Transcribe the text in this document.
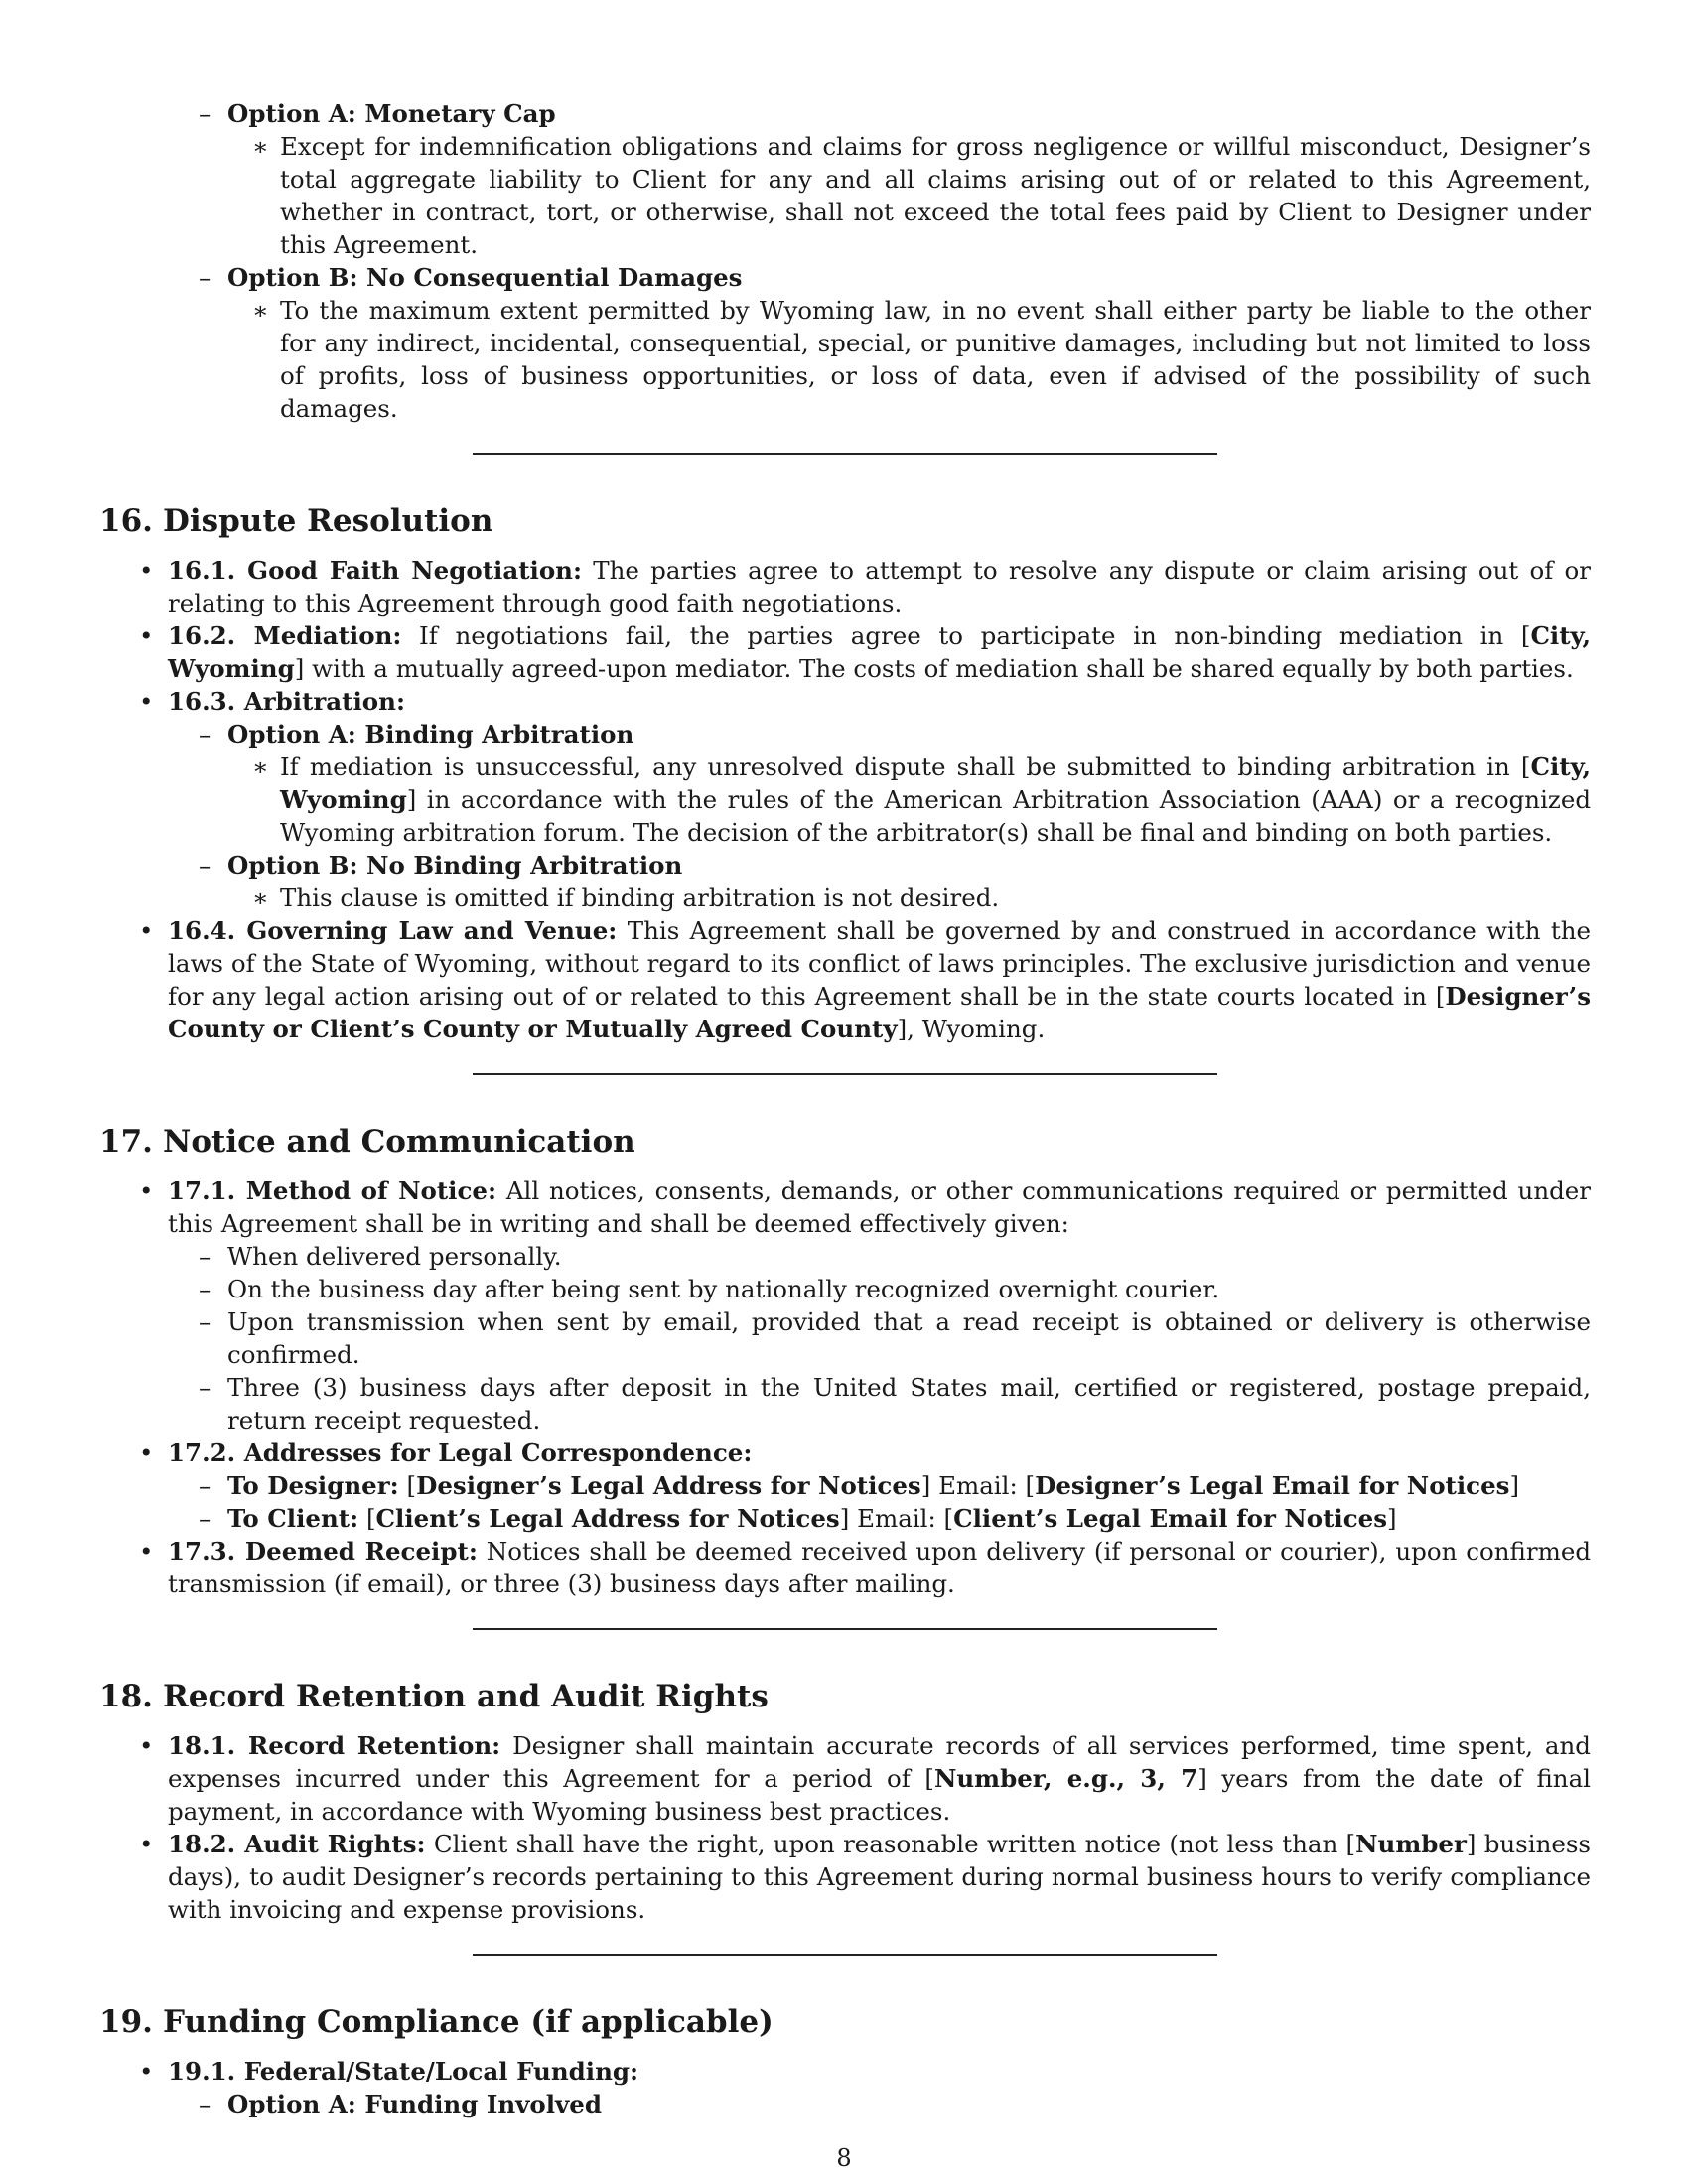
– Option A: Monetary Cap
∗ Except for indemnification obligations and claims for gross negligence or willful misconduct, Designer’s total aggregate liability to Client for any and all claims arising out of or related to this Agreement, whether in contract, tort, or otherwise, shall not exceed the total fees paid by Client to Designer under this Agreement.
– Option B: No Consequential Damages
∗ To the maximum extent permitted by Wyoming law, in no event shall either party be liable to the other for any indirect, incidental, consequential, special, or punitive damages, including but not limited to loss of profits, loss of business opportunities, or loss of data, even if advised of the possibility of such damages.
16. Dispute Resolution
• 16.1. Good Faith Negotiation: The parties agree to attempt to resolve any dispute or claim arising out of or relating to this Agreement through good faith negotiations.
• 16.2. Mediation: If negotiations fail, the parties agree to participate in non-binding mediation in [City, Wyoming] with a mutually agreed-upon mediator. The costs of mediation shall be shared equally by both parties.
• 16.3. Arbitration:
– Option A: Binding Arbitration
∗ If mediation is unsuccessful, any unresolved dispute shall be submitted to binding arbitration in [City, Wyoming] in accordance with the rules of the American Arbitration Association (AAA) or a recognized Wyoming arbitration forum. The decision of the arbitrator(s) shall be final and binding on both parties.
– Option B: No Binding Arbitration
∗ This clause is omitted if binding arbitration is not desired.
• 16.4. Governing Law and Venue: This Agreement shall be governed by and construed in accordance with the laws of the State of Wyoming, without regard to its conflict of laws principles. The exclusive jurisdiction and venue for any legal action arising out of or related to this Agreement shall be in the state courts located in [Designer’s County or Client’s County or Mutually Agreed County], Wyoming.
17. Notice and Communication
• 17.1. Method of Notice: All notices, consents, demands, or other communications required or permitted under this Agreement shall be in writing and shall be deemed effectively given:
– When delivered personally.
– On the business day after being sent by nationally recognized overnight courier.
– Upon transmission when sent by email, provided that a read receipt is obtained or delivery is otherwise confirmed.
– Three (3) business days after deposit in the United States mail, certified or registered, postage prepaid, return receipt requested.
• 17.2. Addresses for Legal Correspondence:
– To Designer: [Designer’s Legal Address for Notices] Email: [Designer’s Legal Email for Notices]
– To Client: [Client’s Legal Address for Notices] Email: [Client’s Legal Email for Notices]
• 17.3. Deemed Receipt: Notices shall be deemed received upon delivery (if personal or courier), upon confirmed transmission (if email), or three (3) business days after mailing.
18. Record Retention and Audit Rights
• 18.1. Record Retention: Designer shall maintain accurate records of all services performed, time spent, and expenses incurred under this Agreement for a period of [Number, e.g., 3, 7] years from the date of final payment, in accordance with Wyoming business best practices.
• 18.2. Audit Rights: Client shall have the right, upon reasonable written notice (not less than [Number] business days), to audit Designer’s records pertaining to this Agreement during normal business hours to verify compliance with invoicing and expense provisions.
19. Funding Compliance (if applicable)
• 19.1. Federal/State/Local Funding:
– Option A: Funding Involved
8
